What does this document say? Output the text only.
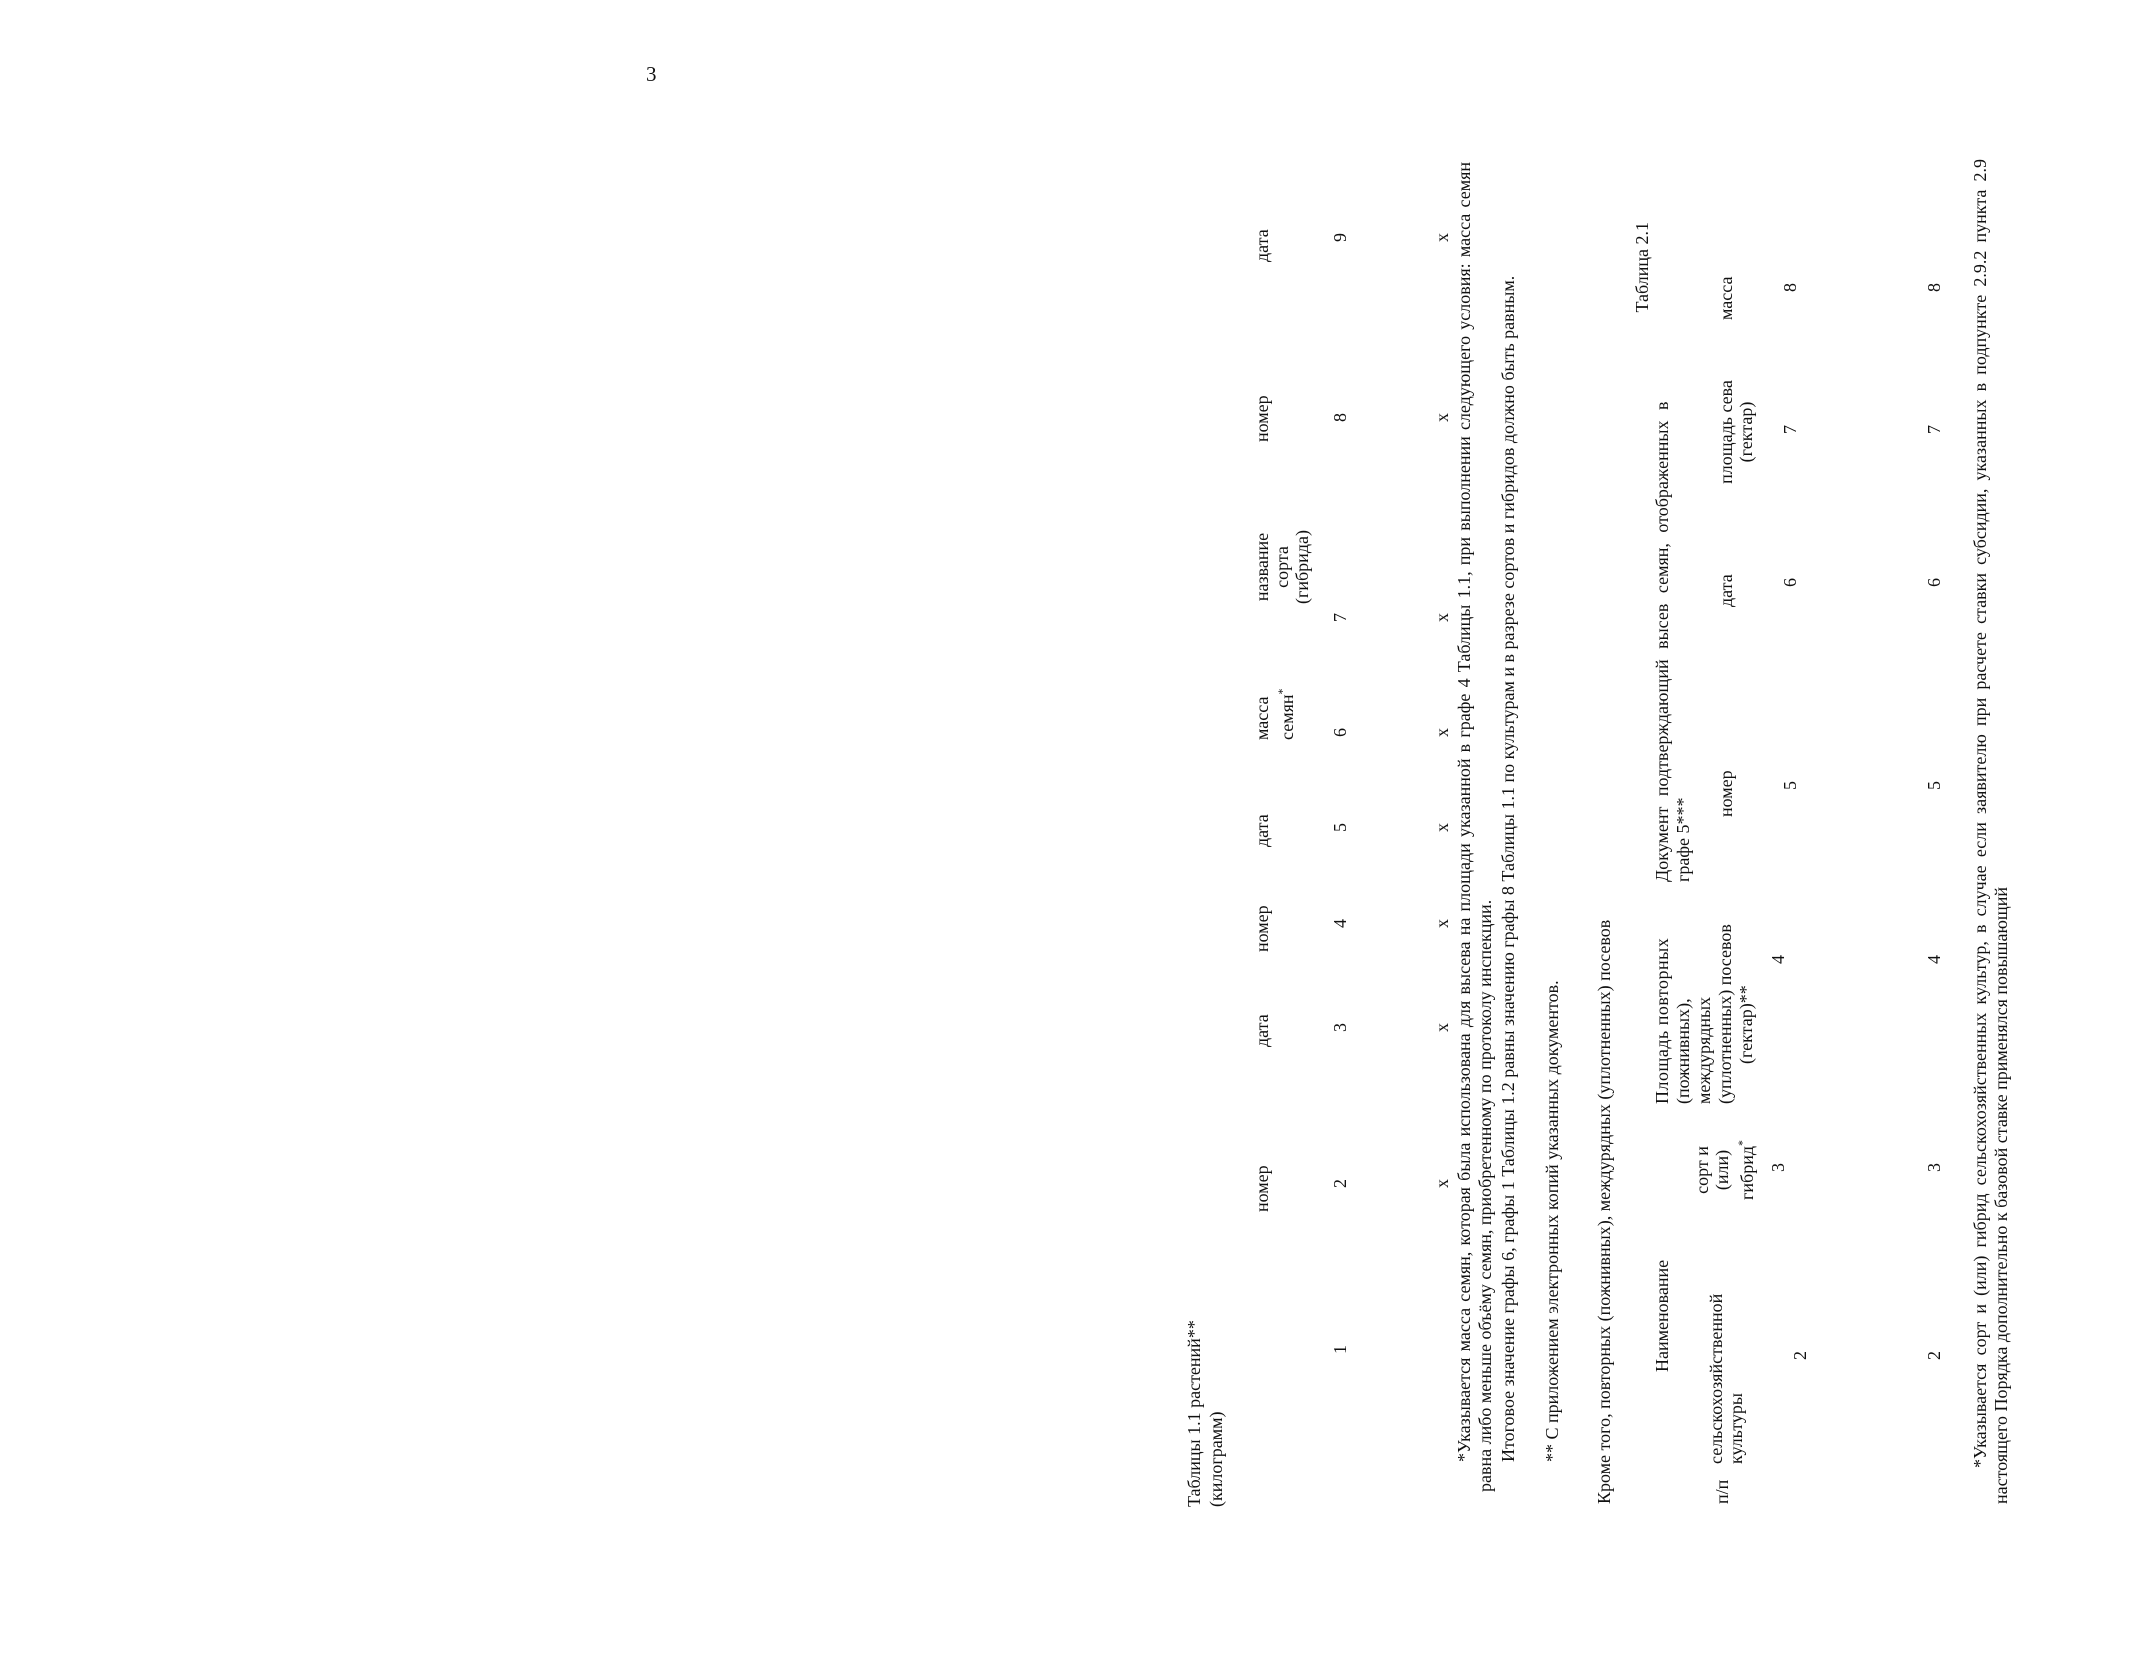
3
Таблицы 1.1 растений** (килограмм)
номер
дата
номер
дата
масса семян*
название сорта (гибрида)
номер
дата
1
2
3
4
5
6
7
8
9
x
x
x
x
x
x
x
x *Указывается масса семян, которая была использована для высева на площади указанной в графе 4 Таблицы 1.1, при выполнении следующего условия: масса семян равна либо меньше объёму семян, приобретенному по протоколу инспекции. Итоговое значение графы 6, графы 1 Таблицы 1.2 равны значению графы 8 Таблицы 1.1 по культурам и в разрезе сортов и гибридов должно быть равным. ** С приложением электронных копий указанных документов. Кроме того, повторных (пожнивных), междурядных (уплотненных) посевов
Таблица 2.1
п/п
Наименование сельскохозяйственной культуры
сорт и (или) гибрид*
Площадь повторных (пожнивных), междурядных (уплотненных) посевов (гектар)**
Документ подтверждающий высев семян, отображенных в графе 5***
номер
дата
площадь сева (гектар)
масса
2
3
4
5
6
7
8
2
3
4
5
6
7
8 *Указывается сорт и (или) гибрид сельскохозяйственных культур, в случае если заявителю при расчете ставки субсидии, указанных в подпункте 2.9.2 пункта 2.9 настоящего Порядка дополнительно к базовой ставке применялся повышающий
